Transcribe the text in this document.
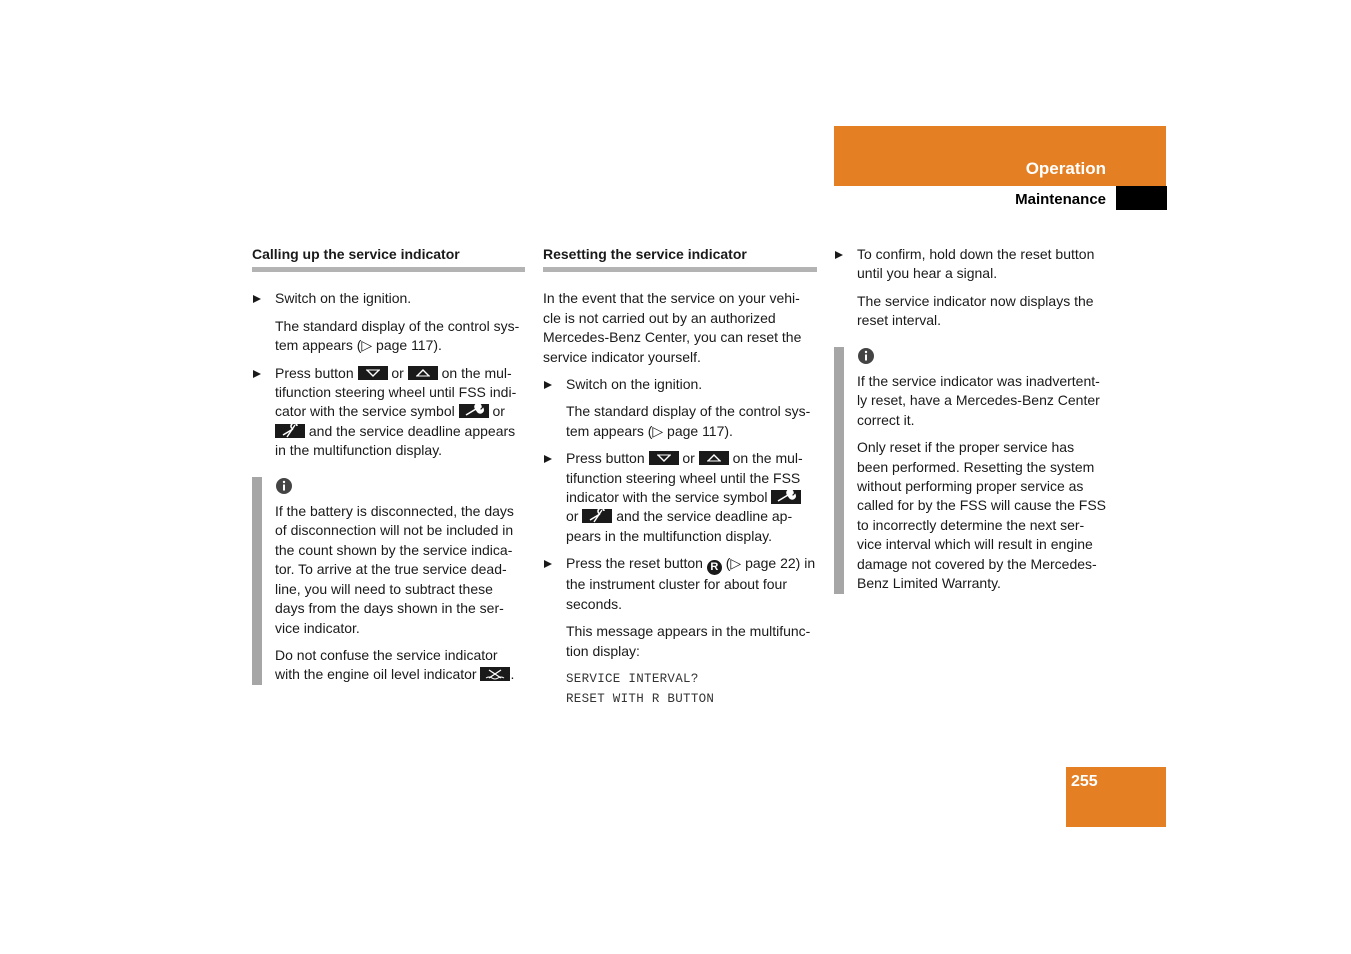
Operation
Maintenance
Calling up the service indicator
Switch on the ignition.
The standard display of the control sys-tem appears (▷ page 117).
Press button	or	on the mul-tifunction steering wheel until FSS indi-cator with the service symbol	or
and the service deadline appears in the multifunction display.

If the battery is disconnected, the days of disconnection will not be included in the count shown by the service indica-tor. To arrive at the true service dead-line, you will need to subtract these days from the days shown in the ser-vice indicator.

Do not confuse the service indicator with the engine oil level indicator .

Resetting the service indicator

In the event that the service on your vehi-cle is not carried out by an authorized Mercedes-Benz Center, you can reset the service indicator yourself.

Switch on the ignition.
The standard display of the control sys-tem appears (▷ page 117).
Press button	or	on the mul-tifunction steering wheel until the FSS indicator with the service symbol
or	and the service deadline ap-pears in the multifunction display.
Press the reset button R (▷ page 22) in the instrument cluster for about four seconds.
This message appears in the multifunc-tion display:
SERVICE INTERVAL?
RESET WITH R BUTTON
To confirm, hold down the reset button until you hear a signal.
The service indicator now displays the reset interval.

If the service indicator was inadvertent-ly reset, have a Mercedes-Benz Center correct it.

Only reset if the proper service has been performed. Resetting the system without performing proper service as called for by the FSS will cause the FSS to incorrectly determine the next ser-vice interval which will result in engine damage not covered by the Mercedes-Benz Limited Warranty.

255
